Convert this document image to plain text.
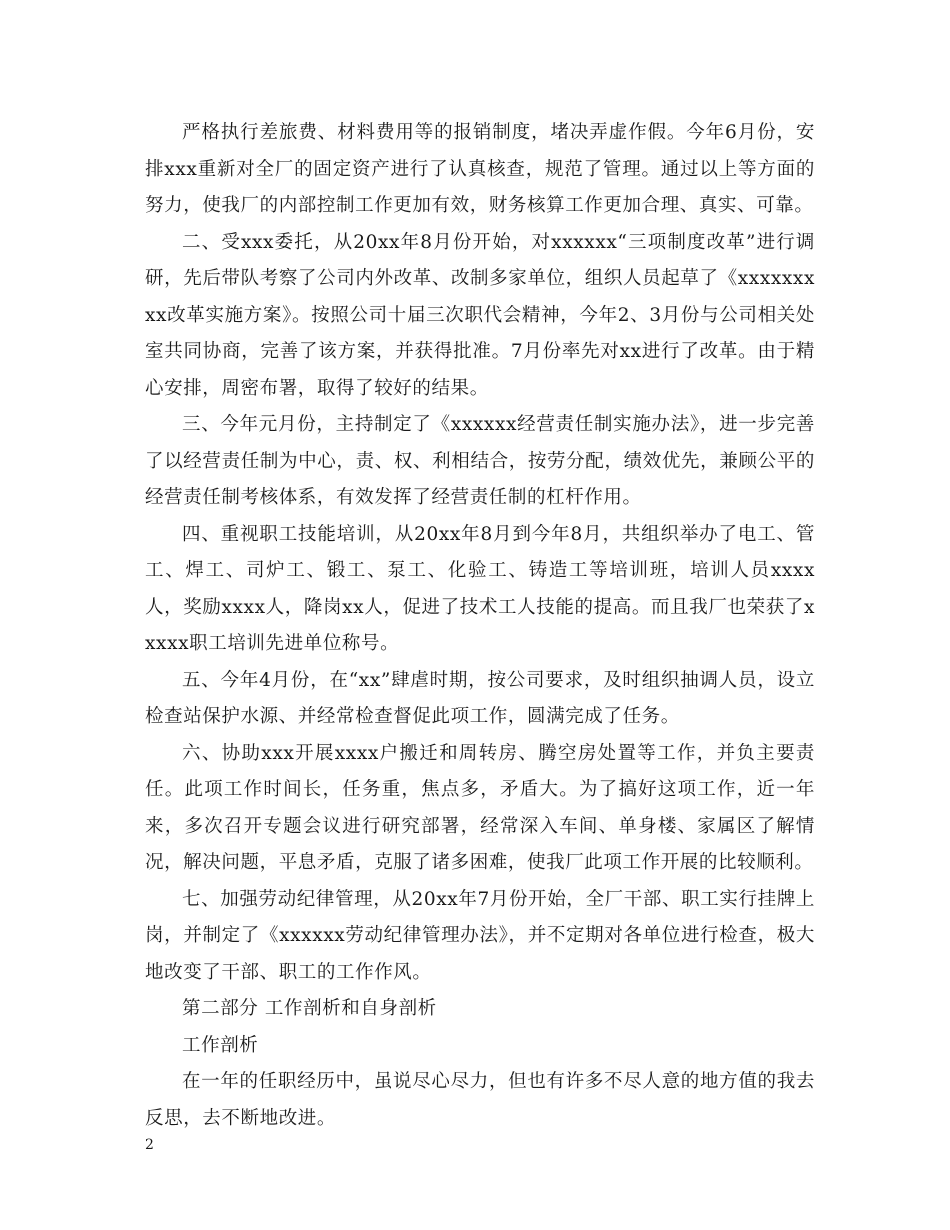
严格执行差旅费、材料费用等的报销制度，堵决弄虚作假。今年6月份，安排xxx重新对全厂的固定资产进行了认真核查，规范了管理。通过以上等方面的努力，使我厂的内部控制工作更加有效，财务核算工作更加合理、真实、可靠。

二、受xxx委托，从20xx年8月份开始，对xxxxxx“三项制度改革”进行调研，先后带队考察了公司内外改革、改制多家单位，组织人员起草了《xxxxxxxxx改革实施方案》。按照公司十届三次职代会精神，今年2、3月份与公司相关处室共同协商，完善了该方案，并获得批准。7月份率先对xx进行了改革。由于精心安排，周密布署，取得了较好的结果。

三、今年元月份，主持制定了《xxxxxx经营责任制实施办法》，进一步完善了以经营责任制为中心，责、权、利相结合，按劳分配，绩效优先，兼顾公平的经营责任制考核体系，有效发挥了经营责任制的杠杆作用。

四、重视职工技能培训，从20xx年8月到今年8月，共组织举办了电工、管工、焊工、司炉工、锻工、泵工、化验工、铸造工等培训班，培训人员xxxx人，奖励xxxx人，降岗xx人，促进了技术工人技能的提高。而且我厂也荣获了xxxxx职工培训先进单位称号。

五、今年4月份，在“xx”肆虐时期，按公司要求，及时组织抽调人员，设立检查站保护水源、并经常检查督促此项工作，圆满完成了任务。

六、协助xxx开展xxxx户搬迁和周转房、腾空房处置等工作，并负主要责任。此项工作时间长，任务重，焦点多，矛盾大。为了搞好这项工作，近一年来，多次召开专题会议进行研究部署，经常深入车间、单身楼、家属区了解情况，解决问题，平息矛盾，克服了诸多困难，使我厂此项工作开展的比较顺利。

七、加强劳动纪律管理，从20xx年7月份开始，全厂干部、职工实行挂牌上岗，并制定了《xxxxxx劳动纪律管理办法》，并不定期对各单位进行检查，极大地改变了干部、职工的工作作风。

第二部分 工作剖析和自身剖析

工作剖析

在一年的任职经历中，虽说尽心尽力，但也有许多不尽人意的地方值的我去反思，去不断地改进。

2
